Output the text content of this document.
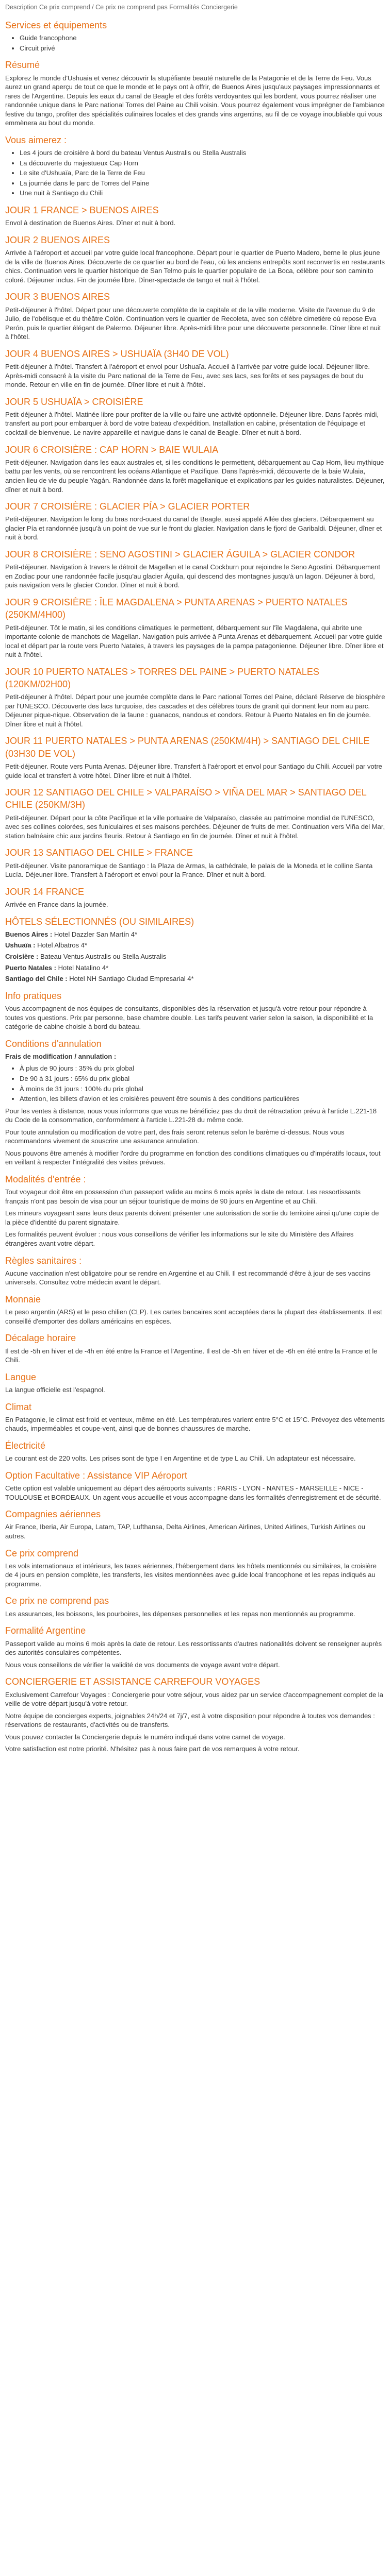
Description Ce prix comprend / Ce prix ne comprend pas Formalités Conciergerie
Services et équipements
• Guide francophone
• Circuit privé
Résumé

Explorez le monde d'Ushuaia et venez découvrir la stupéfiante beauté naturelle de la Patagonie et de la Terre de Feu. Vous aurez un grand aperçu de tout ce que le monde et le pays ont à offrir, de Buenos Aires jusqu'aux paysages impressionnants et rares de l'Argentine. Depuis les eaux du canal de Beagle et des forêts verdoyantes qui les bordent, vous pourrez réaliser une randonnée unique dans le Parc national Torres del Paine au Chili voisin. Vous pourrez également vous imprégner de l'ambiance festive du tango, profiter des spécialités culinaires locales et des grands vins argentins, au fil de ce voyage inoubliable qui vous emmènera au bout du monde.

Vous aimerez :
• Les 4 jours de croisière à bord du bateau Ventus Australis ou Stella Australis
• La découverte du majestueux Cap Horn
• Le site d'Ushuaïa, Parc de la Terre de Feu
• La journée dans le parc de Torres del Paine
• Une nuit à Santiago du Chili
JOUR 1 FRANCE > BUENOS AIRES

Envol à destination de Buenos Aires. Dîner et nuit à bord.

JOUR 2 BUENOS AIRES

Arrivée à l'aéroport et accueil par votre guide local francophone. Départ pour le quartier de Puerto Madero, berne le plus jeune de la ville de Buenos Aires. Découverte de ce quartier au bord de l'eau, où les anciens entrepôts sont reconvertis en restaurants chics. Continuation vers le quartier historique de San Telmo puis le quartier populaire de La Boca, célèbre pour son caminito coloré. Déjeuner inclus. Fin de journée libre. Dîner-spectacle de tango et nuit à l'hôtel.

JOUR 3 BUENOS AIRES

Petit-déjeuner à l'hôtel. Départ pour une découverte complète de la capitale et de la ville moderne. Visite de l'avenue du 9 de Julio, de l'obélisque et du théâtre Colón. Continuation vers le quartier de Recoleta, avec son célèbre cimetière où repose Eva Perón, puis le quartier élégant de Palermo. Déjeuner libre. Après-midi libre pour une découverte personnelle. Dîner libre et nuit à l'hôtel.

JOUR 4 BUENOS AIRES > USHUAÏA (3H40 DE VOL)

Petit-déjeuner à l'hôtel. Transfert à l'aéroport et envol pour Ushuaïa. Accueil à l'arrivée par votre guide local. Déjeuner libre. Après-midi consacré à la visite du Parc national de la Terre de Feu, avec ses lacs, ses forêts et ses paysages de bout du monde. Retour en ville en fin de journée. Dîner libre et nuit à l'hôtel.

JOUR 5 USHUAÏA > CROISIÈRE

Petit-déjeuner à l'hôtel. Matinée libre pour profiter de la ville ou faire une activité optionnelle. Déjeuner libre. Dans l'après-midi, transfert au port pour embarquer à bord de votre bateau d'expédition. Installation en cabine, présentation de l'équipage et cocktail de bienvenue. Le navire appareille et navigue dans le canal de Beagle. Dîner et nuit à bord.

JOUR 6 CROISIÈRE : CAP HORN > BAIE WULAIA

Petit-déjeuner. Navigation dans les eaux australes et, si les conditions le permettent, débarquement au Cap Horn, lieu mythique battu par les vents, où se rencontrent les océans Atlantique et Pacifique. Dans l'après-midi, découverte de la baie Wulaia, ancien lieu de vie du peuple Yagán. Randonnée dans la forêt magellanique et explications par les guides naturalistes. Déjeuner, dîner et nuit à bord.

JOUR 7 CROISIÈRE : GLACIER PÍA > GLACIER PORTER

Petit-déjeuner. Navigation le long du bras nord-ouest du canal de Beagle, aussi appelé Allée des glaciers. Débarquement au glacier Pía et randonnée jusqu'à un point de vue sur le front du glacier. Navigation dans le fjord de Garibaldi. Déjeuner, dîner et nuit à bord.

JOUR 8 CROISIÈRE : SENO AGOSTINI > GLACIER ÁGUILA > GLACIER CONDOR

Petit-déjeuner. Navigation à travers le détroit de Magellan et le canal Cockburn pour rejoindre le Seno Agostini. Débarquement en Zodiac pour une randonnée facile jusqu'au glacier Águila, qui descend des montagnes jusqu'à un lagon. Déjeuner à bord, puis navigation vers le glacier Condor. Dîner et nuit à bord.

JOUR 9 CROISIÈRE : ÎLE MAGDALENA > PUNTA ARENAS > PUERTO NATALES (250KM/4H00)

Petit-déjeuner. Tôt le matin, si les conditions climatiques le permettent, débarquement sur l'île Magdalena, qui abrite une importante colonie de manchots de Magellan. Navigation puis arrivée à Punta Arenas et débarquement. Accueil par votre guide local et départ par la route vers Puerto Natales, à travers les paysages de la pampa patagonienne. Déjeuner libre. Dîner libre et nuit à l'hôtel.

JOUR 10 PUERTO NATALES > TORRES DEL PAINE > PUERTO NATALES (120KM/02H00)

Petit-déjeuner à l'hôtel. Départ pour une journée complète dans le Parc national Torres del Paine, déclaré Réserve de biosphère par l'UNESCO. Découverte des lacs turquoise, des cascades et des célèbres tours de granit qui donnent leur nom au parc. Déjeuner pique-nique. Observation de la faune : guanacos, nandous et condors. Retour à Puerto Natales en fin de journée. Dîner libre et nuit à l'hôtel.

JOUR 11 PUERTO NATALES > PUNTA ARENAS (250KM/4H) > SANTIAGO DEL CHILE (03H30 DE VOL)

Petit-déjeuner. Route vers Punta Arenas. Déjeuner libre. Transfert à l'aéroport et envol pour Santiago du Chili. Accueil par votre guide local et transfert à votre hôtel. Dîner libre et nuit à l'hôtel.

JOUR 12 SANTIAGO DEL CHILE > VALPARAÍSO > VIÑA DEL MAR > SANTIAGO DEL CHILE (250KM/3H)

Petit-déjeuner. Départ pour la côte Pacifique et la ville portuaire de Valparaíso, classée au patrimoine mondial de l'UNESCO, avec ses collines colorées, ses funiculaires et ses maisons perchées. Déjeuner de fruits de mer. Continuation vers Viña del Mar, station balnéaire chic aux jardins fleuris. Retour à Santiago en fin de journée. Dîner et nuit à l'hôtel.

JOUR 13 SANTIAGO DEL CHILE > FRANCE

Petit-déjeuner. Visite panoramique de Santiago : la Plaza de Armas, la cathédrale, le palais de la Moneda et le colline Santa Lucía. Déjeuner libre. Transfert à l'aéroport et envol pour la France. Dîner et nuit à bord.

JOUR 14 FRANCE

Arrivée en France dans la journée.

HÔTELS SÉLECTIONNÉS (OU SIMILAIRES)
Buenos Aires : Hotel Dazzler San Martín 4*
Ushuaïa : Hotel Albatros 4*
Croisière : Bateau Ventus Australis ou Stella Australis
Puerto Natales : Hotel Natalino 4*
Santiago del Chile : Hotel NH Santiago Ciudad Empresarial 4*
Info pratiques

Vous accompagnent de nos équipes de consultants, disponibles dès la réservation et jusqu'à votre retour pour répondre à toutes vos questions. Prix par personne, base chambre double. Les tarifs peuvent varier selon la saison, la disponibilité et la catégorie de cabine choisie à bord du bateau.

Conditions d'annulation

Frais de modification / annulation :

• À plus de 90 jours : 35% du prix global
• De 90 à 31 jours : 65% du prix global
• À moins de 31 jours : 100% du prix global
• Attention, les billets d'avion et les croisières peuvent être soumis à des conditions particulières

Pour les ventes à distance, nous vous informons que vous ne bénéficiez pas du droit de rétractation prévu à l'article L.221-18 du Code de la consommation, conformément à l'article L.221-28 du même code.

Pour toute annulation ou modification de votre part, des frais seront retenus selon le barème ci-dessus. Nous vous recommandons vivement de souscrire une assurance annulation.

Nous pouvons être amenés à modifier l'ordre du programme en fonction des conditions climatiques ou d'impératifs locaux, tout en veillant à respecter l'intégralité des visites prévues.

Modalités d'entrée :

Tout voyageur doit être en possession d'un passeport valide au moins 6 mois après la date de retour. Les ressortissants français n'ont pas besoin de visa pour un séjour touristique de moins de 90 jours en Argentine et au Chili.

Les mineurs voyageant sans leurs deux parents doivent présenter une autorisation de sortie du territoire ainsi qu'une copie de la pièce d'identité du parent signataire.

Les formalités peuvent évoluer : nous vous conseillons de vérifier les informations sur le site du Ministère des Affaires étrangères avant votre départ.

Règles sanitaires :

Aucune vaccination n'est obligatoire pour se rendre en Argentine et au Chili. Il est recommandé d'être à jour de ses vaccins universels. Consultez votre médecin avant le départ.

Monnaie

Le peso argentin (ARS) et le peso chilien (CLP). Les cartes bancaires sont acceptées dans la plupart des établissements. Il est conseillé d'emporter des dollars américains en espèces.

Décalage horaire

Il est de -5h en hiver et de -4h en été entre la France et l'Argentine. Il est de -5h en hiver et de -6h en été entre la France et le Chili.

Langue

La langue officielle est l'espagnol.

Climat

En Patagonie, le climat est froid et venteux, même en été. Les températures varient entre 5°C et 15°C. Prévoyez des vêtements chauds, imperméables et coupe-vent, ainsi que de bonnes chaussures de marche.

Électricité

Le courant est de 220 volts. Les prises sont de type I en Argentine et de type L au Chili. Un adaptateur est nécessaire.

Option Facultative : Assistance VIP Aéroport

Cette option est valable uniquement au départ des aéroports suivants : PARIS - LYON - NANTES - MARSEILLE - NICE - TOULOUSE et BORDEAUX. Un agent vous accueille et vous accompagne dans les formalités d'enregistrement et de sécurité.

Compagnies aériennes

Air France, Iberia, Air Europa, Latam, TAP, Lufthansa, Delta Airlines, American Airlines, United Airlines, Turkish Airlines ou autres.

Ce prix comprend

Les vols internationaux et intérieurs, les taxes aériennes, l'hébergement dans les hôtels mentionnés ou similaires, la croisière de 4 jours en pension complète, les transferts, les visites mentionnées avec guide local francophone et les repas indiqués au programme.

Ce prix ne comprend pas

Les assurances, les boissons, les pourboires, les dépenses personnelles et les repas non mentionnés au programme.

Formalité Argentine

Passeport valide au moins 6 mois après la date de retour. Les ressortissants d'autres nationalités doivent se renseigner auprès des autorités consulaires compétentes.

Nous vous conseillons de vérifier la validité de vos documents de voyage avant votre départ.

CONCIERGERIE ET ASSISTANCE CARREFOUR VOYAGES

Exclusivement Carrefour Voyages : Conciergerie pour votre séjour, vous aidez par un service d'accompagnement complet de la veille de votre départ jusqu'à votre retour.

Notre équipe de concierges experts, joignables 24h/24 et 7j/7, est à votre disposition pour répondre à toutes vos demandes : réservations de restaurants, d'activités ou de transferts.

Vous pouvez contacter la Conciergerie depuis le numéro indiqué dans votre carnet de voyage.

Votre satisfaction est notre priorité. N'hésitez pas à nous faire part de vos remarques à votre retour.
